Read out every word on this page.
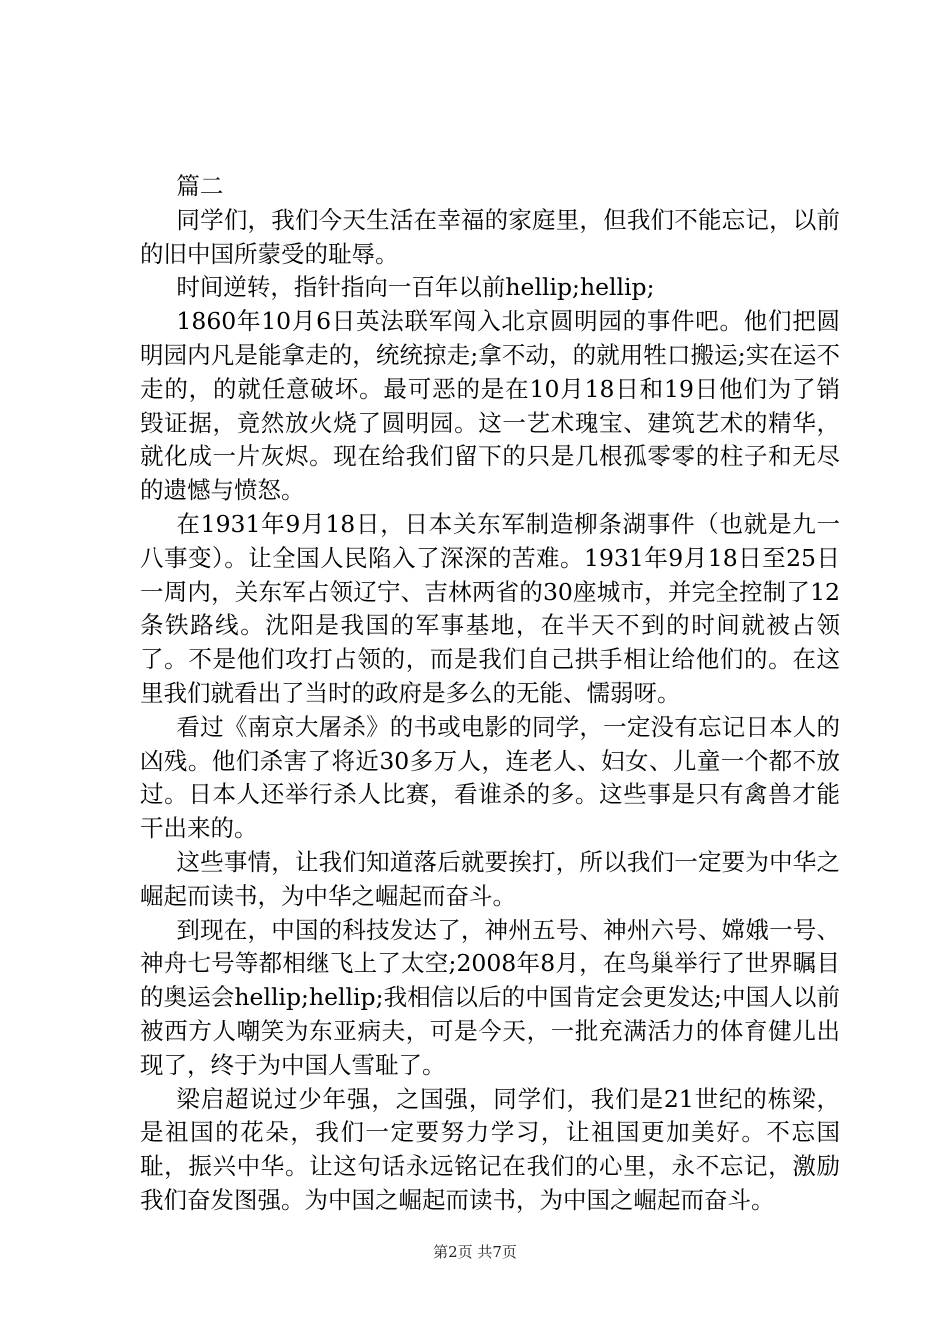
篇二

同学们，我们今天生活在幸福的家庭里，但我们不能忘记，以前的旧中国所蒙受的耻辱。

时间逆转，指针指向一百年以前hellip;hellip;

1860年10月6日英法联军闯入北京圆明园的事件吧。他们把圆明园内凡是能拿走的，统统掠走;拿不动，的就用牲口搬运;实在运不走的，的就任意破坏。最可恶的是在10月18日和19日他们为了销毁证据，竟然放火烧了圆明园。这一艺术瑰宝、建筑艺术的精华，就化成一片灰烬。现在给我们留下的只是几根孤零零的柱子和无尽的遗憾与愤怒。

在1931年9月18日，日本关东军制造柳条湖事件（也就是九一八事变）。让全国人民陷入了深深的苦难。1931年9月18日至25日一周内，关东军占领辽宁、吉林两省的30座城市，并完全控制了12条铁路线。沈阳是我国的军事基地，在半天不到的时间就被占领了。不是他们攻打占领的，而是我们自己拱手相让给他们的。在这里我们就看出了当时的政府是多么的无能、懦弱呀。

看过《南京大屠杀》的书或电影的同学，一定没有忘记日本人的凶残。他们杀害了将近30多万人，连老人、妇女、儿童一个都不放过。日本人还举行杀人比赛，看谁杀的多。这些事是只有禽兽才能干出来的。

这些事情，让我们知道落后就要挨打，所以我们一定要为中华之崛起而读书，为中华之崛起而奋斗。

到现在，中国的科技发达了，神州五号、神州六号、嫦娥一号、神舟七号等都相继飞上了太空;2008年8月，在鸟巢举行了世界瞩目的奥运会hellip;hellip;我相信以后的中国肯定会更发达;中国人以前被西方人嘲笑为东亚病夫，可是今天，一批充满活力的体育健儿出现了，终于为中国人雪耻了。

梁启超说过少年强，之国强，同学们，我们是21世纪的栋梁，是祖国的花朵，我们一定要努力学习，让祖国更加美好。不忘国耻，振兴中华。让这句话永远铭记在我们的心里，永不忘记，激励我们奋发图强。为中国之崛起而读书，为中国之崛起而奋斗。

第2页 共7页
